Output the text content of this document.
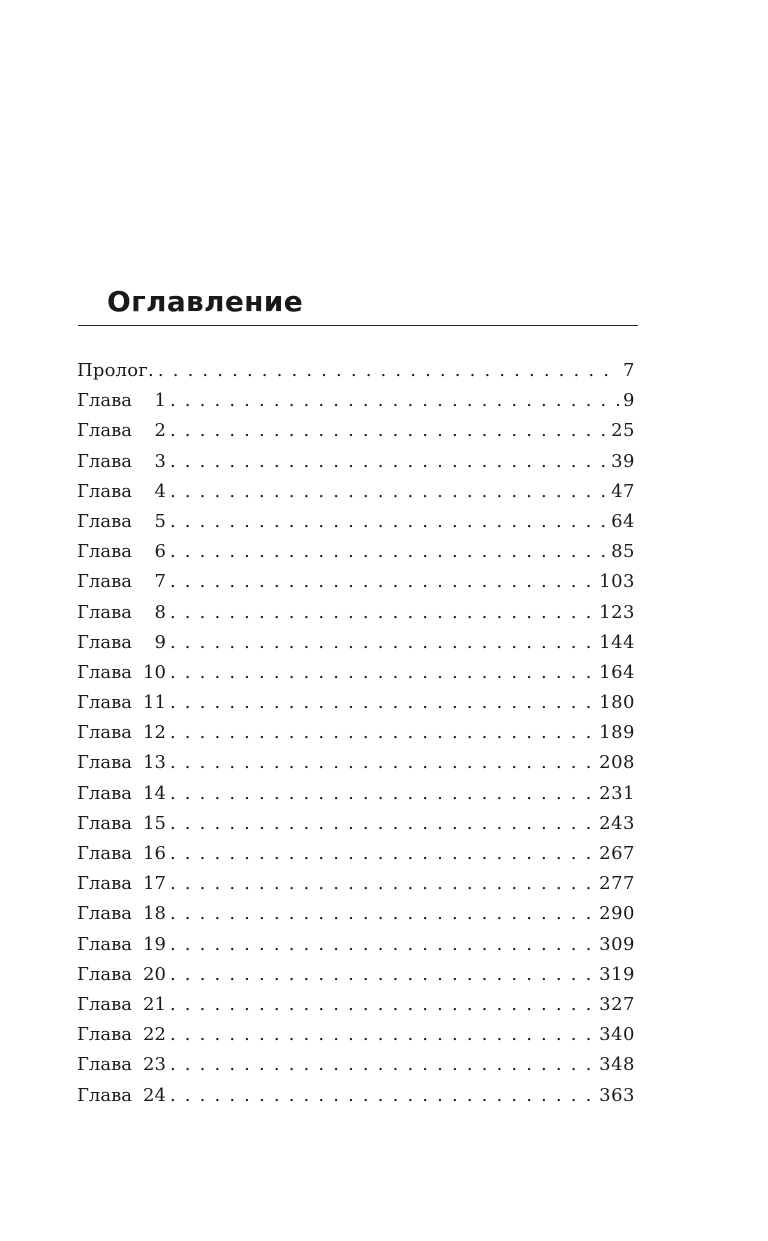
Оглавление
Пролог. . . .	7
Глава	1 . . .	9
Глава	2 . . .	25
Глава	3 . . .	39
Глава	4 . . .	47
Глава	5 . . .	64
Глава	6 . . .	85
Глава	7 . . .	103
Глава	8 . . .	123
Глава	9 . . .	144
Глава 10 . . .	164
Глава 11 . . .	180
Глава 12 . . .	189
Глава 13 . . .	208
Глава 14 . . .	231
Глава 15 . . .	243
Глава 16 . . .	267
Глава 17 . . .	277
Глава 18 . . .	290
Глава 19 . . .	309
Глава 20 . . .	319
Глава 21 . . .	327
Глава 22 . . .	340
Глава 23 . . .	348
Глава 24 . . .	363
